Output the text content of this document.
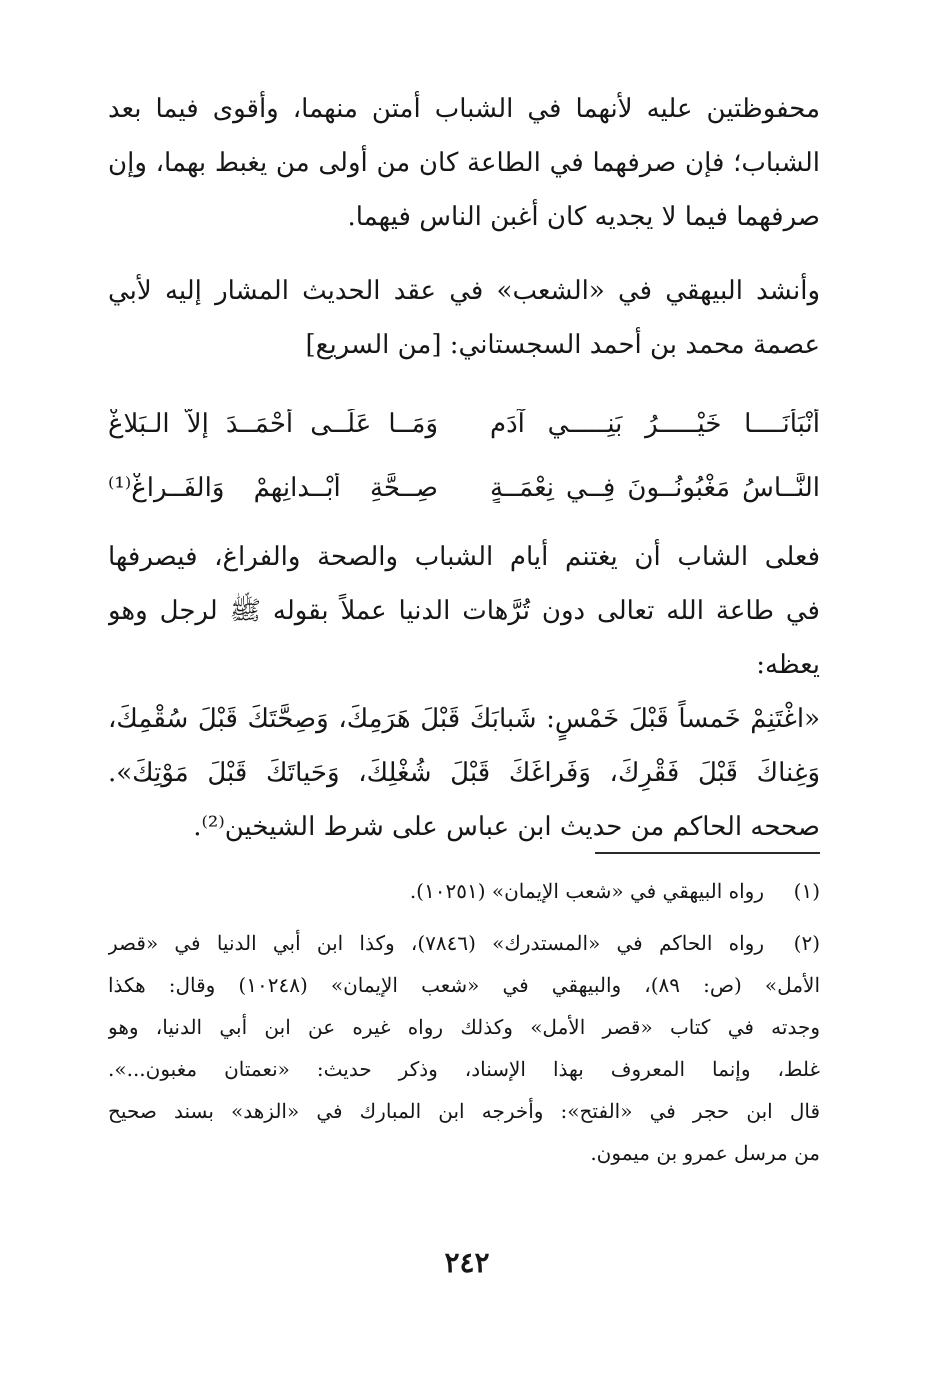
محفوظتين عليه لأنهما في الشباب أمتن منهما، وأقوى فيما بعد
الشباب؛ فإن صرفهما في الطاعة كان من أولى من يغبط بهما، وإن
صرفهما فيما لا يجديه كان أغبن الناس فيهما.
وأنشد البيهقي في «الشعب» في عقد الحديث المشار إليه لأبي
عصمة محمد بن أحمد السجستاني: [من السريع]
أَنْبَأَنَــــا خَيْـــــرُ بَنِـــــي آدَمِ
وَمَــا عَلَــى أَحْمَــدَ إِلاَّ الـبَلاغْ
النَّــاسُ مَغْبُونُــونَ فِــي نِعْمَــةٍ
صِــحَّةِ أَبْــدانِهِمْ وَالفَــراغْ⁽¹⁾
فعلى الشاب أن يغتنم أيام الشباب والصحة والفراغ، فيصرفها
في طاعة الله تعالى دون تُرَّهات الدنيا عملاً بقوله ﷺ لرجل وهو يعظه:
«اغْتَنِمْ خَمساً قَبْلَ خَمْسٍ: شَبابَكَ قَبْلَ هَرَمِكَ، وَصِحَّتَكَ قَبْلَ سُقْمِكَ،
وَغِناكَ قَبْلَ فَقْرِكَ، وَفَراغَكَ قَبْلَ شُغْلِكَ، وَحَياتَكَ قَبْلَ مَوْتِكَ».
صححه الحاكم من حديث ابن عباس على شرط الشيخين⁽²⁾.
(١)
رواه البيهقي في «شعب الإيمان» (١٠٢٥١).
(٢)
رواه الحاكم في «المستدرك» (٧٨٤٦)، وكذا ابن أبي الدنيا في «قصر
الأمل» (ص: ٨٩)، والبيهقي في «شعب الإيمان» (١٠٢٤٨) وقال: هكذا
وجدته في كتاب «قصر الأمل» وكذلك رواه غيره عن ابن أبي الدنيا، وهو
غلط، وإنما المعروف بهذا الإسناد، وذكر حديث: «نعمتان مغبون...».
قال ابن حجر في «الفتح»: وأخرجه ابن المبارك في «الزهد» بسند صحيح
من مرسل عمرو بن ميمون.
٢٤٢
